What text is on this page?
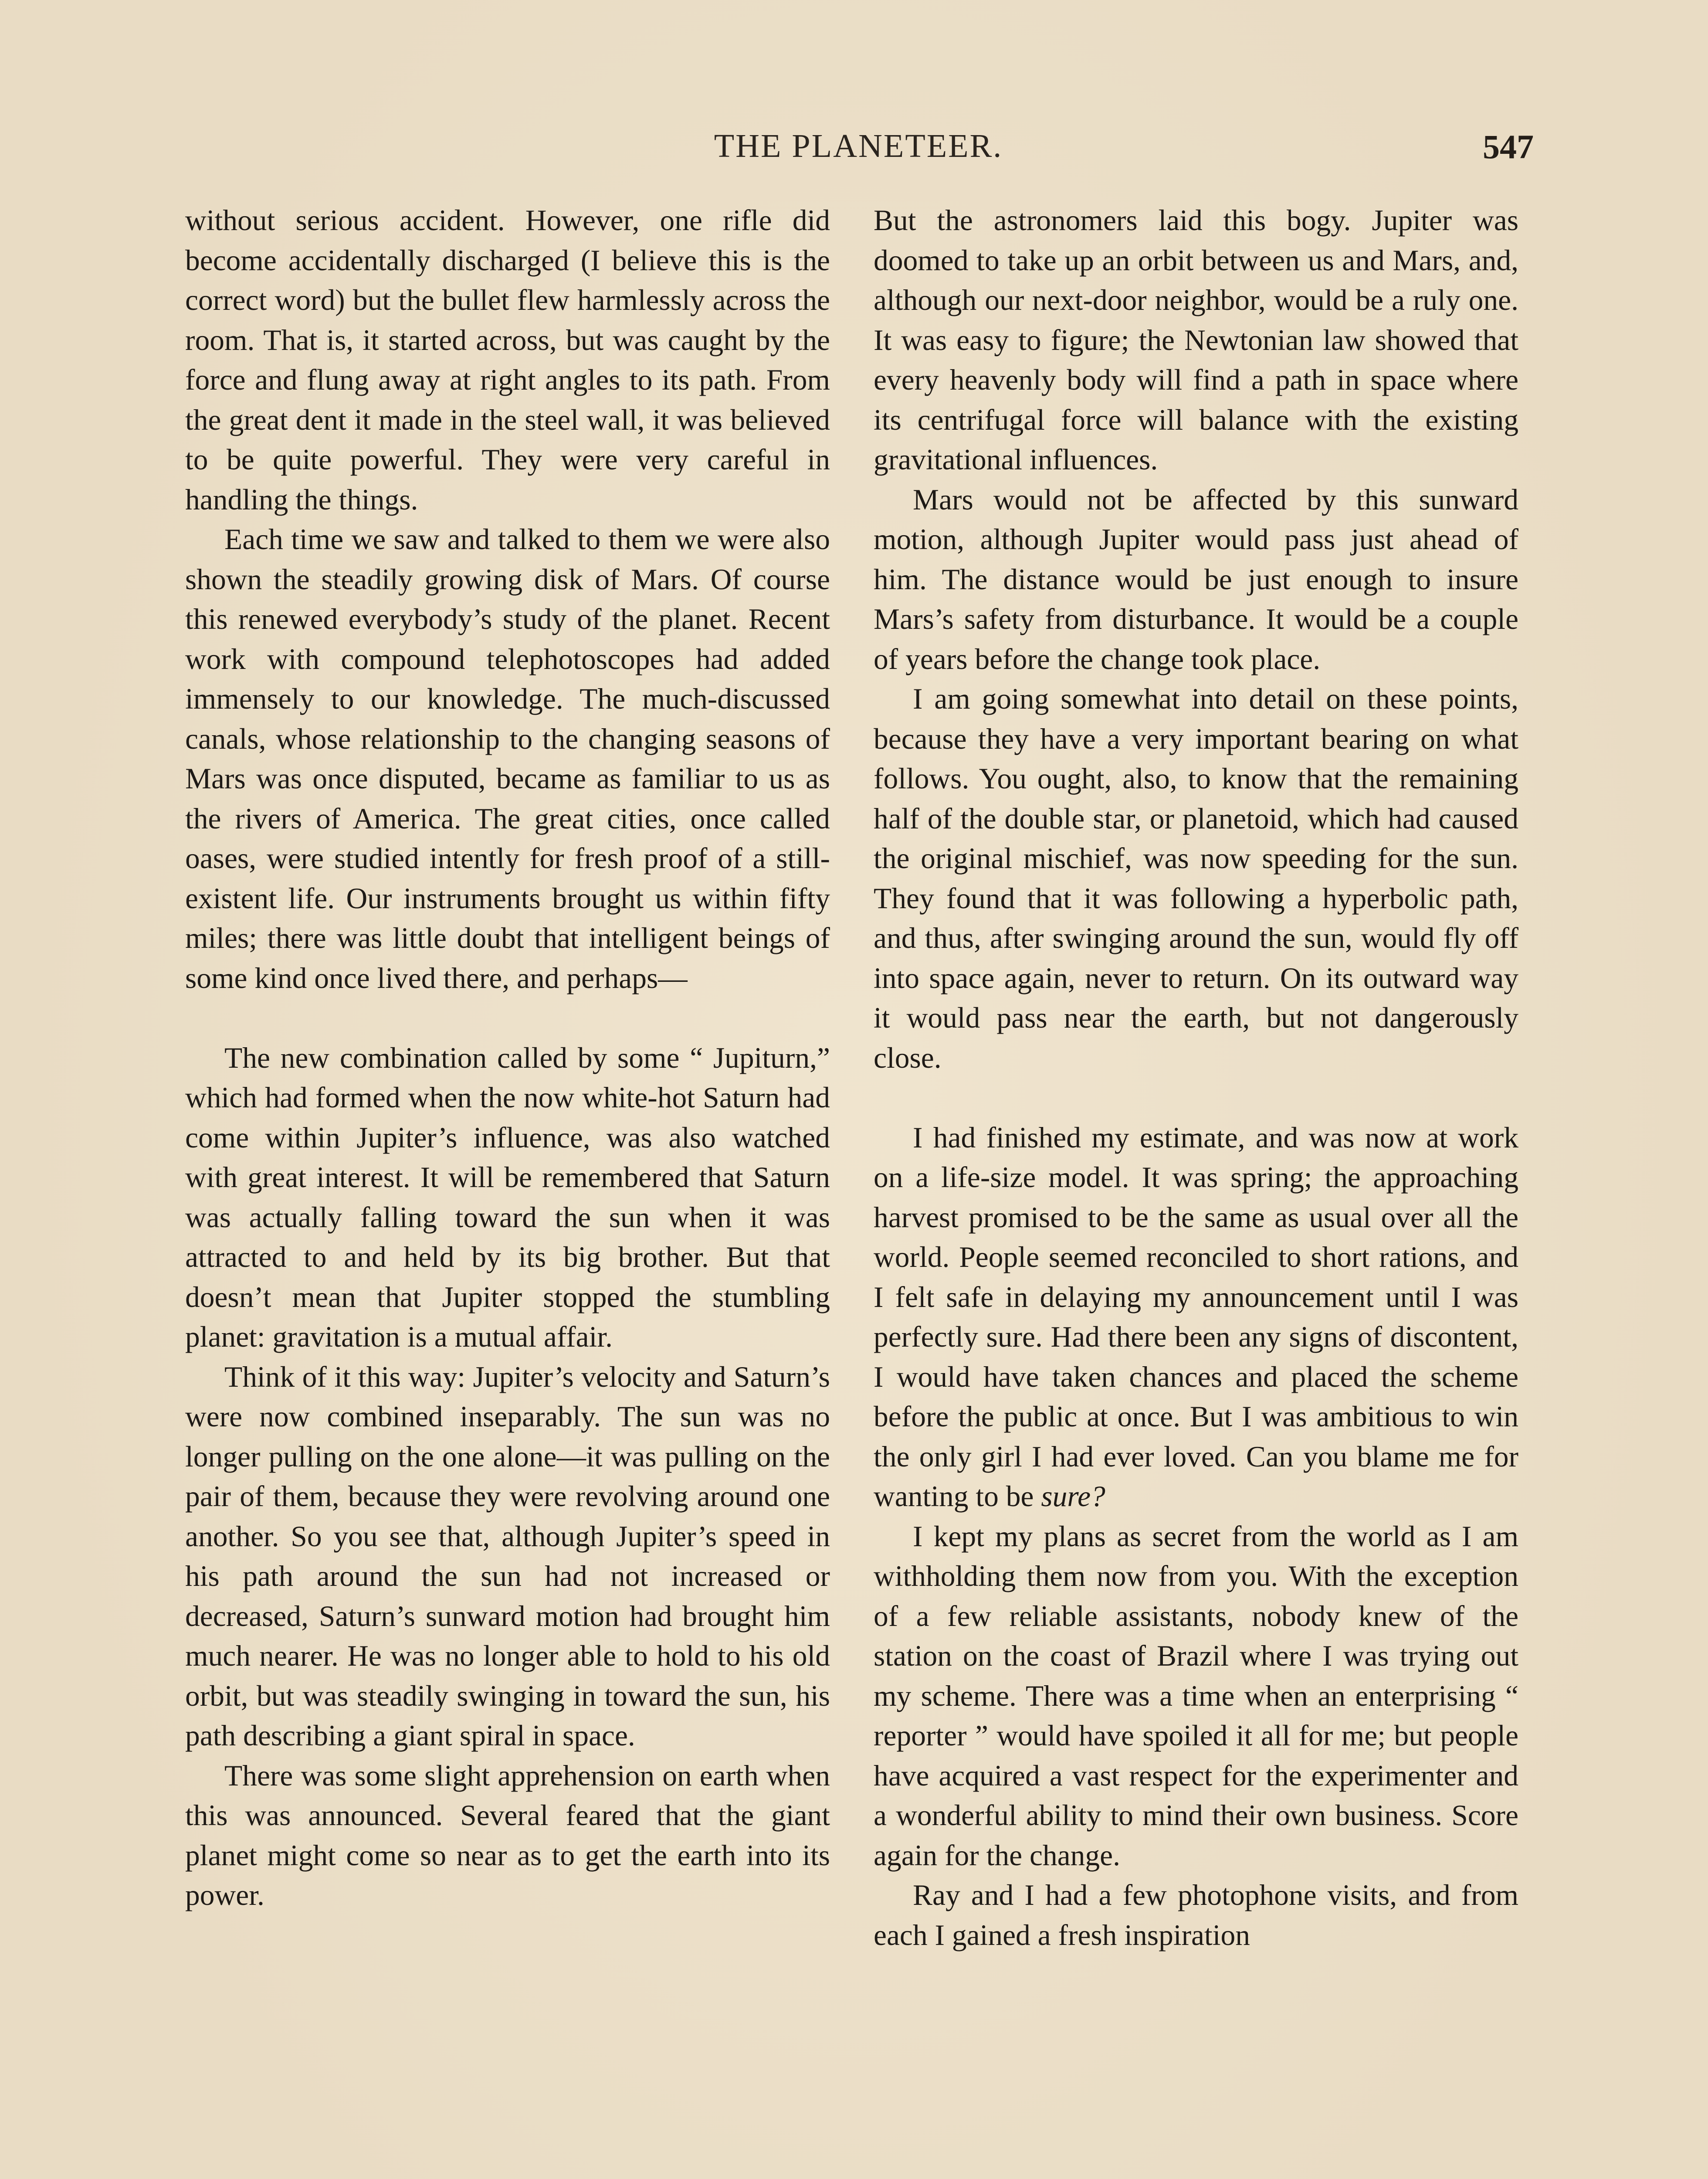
THE PLANETEER.	547

without serious accident. However, one rifle did become accidentally discharged (I believe this is the correct word) but the bullet flew harmlessly across the room. That is, it started across, but was caught by the force and flung away at right angles to its path. From the great dent it made in the steel wall, it was believed to be quite powerful. They were very careful in handling the things.

Each time we saw and talked to them we were also shown the steadily growing disk of Mars. Of course this renewed everybody’s study of the planet. Recent work with compound telephotoscopes had added immensely to our knowledge. The much-discussed canals, whose relationship to the changing seasons of Mars was once disputed, became as familiar to us as the rivers of America. The great cities, once called oases, were studied intently for fresh proof of a still-existent life. Our instruments brought us within fifty miles; there was little doubt that intelligent beings of some kind once lived there, and perhaps—

The new combination called by some “ Jupiturn,” which had formed when the now white-hot Saturn had come within Jupiter’s influence, was also watched with great interest. It will be remembered that Saturn was actually falling toward the sun when it was attracted to and held by its big brother. But that doesn’t mean that Jupiter stopped the stumbling planet: gravitation is a mutual affair.

Think of it this way: Jupiter’s velocity and Saturn’s were now combined inseparably. The sun was no longer pulling on the one alone—it was pulling on the pair of them, because they were revolving around one another. So you see that, although Jupiter’s speed in his path around the sun had not increased or decreased, Saturn’s sunward motion had brought him much nearer. He was no longer able to hold to his old orbit, but was steadily swinging in toward the sun, his path describing a giant spiral in space.

There was some slight apprehension on earth when this was announced. Several feared that the giant planet might come so near as to get the earth into its power.

But the astronomers laid this bogy. Jupiter was doomed to take up an orbit between us and Mars, and, although our next-door neighbor, would be a ruly one. It was easy to figure; the Newtonian law showed that every heavenly body will find a path in space where its centrifugal force will balance with the existing gravitational influences.

Mars would not be affected by this sunward motion, although Jupiter would pass just ahead of him. The distance would be just enough to insure Mars’s safety from disturbance. It would be a couple of years before the change took place.

I am going somewhat into detail on these points, because they have a very important bearing on what follows. You ought, also, to know that the remaining half of the double star, or planetoid, which had caused the original mischief, was now speeding for the sun. They found that it was following a hyperbolic path, and thus, after swinging around the sun, would fly off into space again, never to return. On its outward way it would pass near the earth, but not dangerously close.

I had finished my estimate, and was now at work on a life-size model. It was spring; the approaching harvest promised to be the same as usual over all the world. People seemed reconciled to short rations, and I felt safe in delaying my announcement until I was perfectly sure. Had there been any signs of discontent, I would have taken chances and placed the scheme before the public at once. But I was ambitious to win the only girl I had ever loved. Can you blame me for wanting to be sure?

I kept my plans as secret from the world as I am withholding them now from you. With the exception of a few reliable assistants, nobody knew of the station on the coast of Brazil where I was trying out my scheme. There was a time when an enterprising “ reporter ” would have spoiled it all for me; but people have acquired a vast respect for the experimenter and a wonderful ability to mind their own business. Score again for the change.

Ray and I had a few photophone visits, and from each I gained a fresh inspiration
